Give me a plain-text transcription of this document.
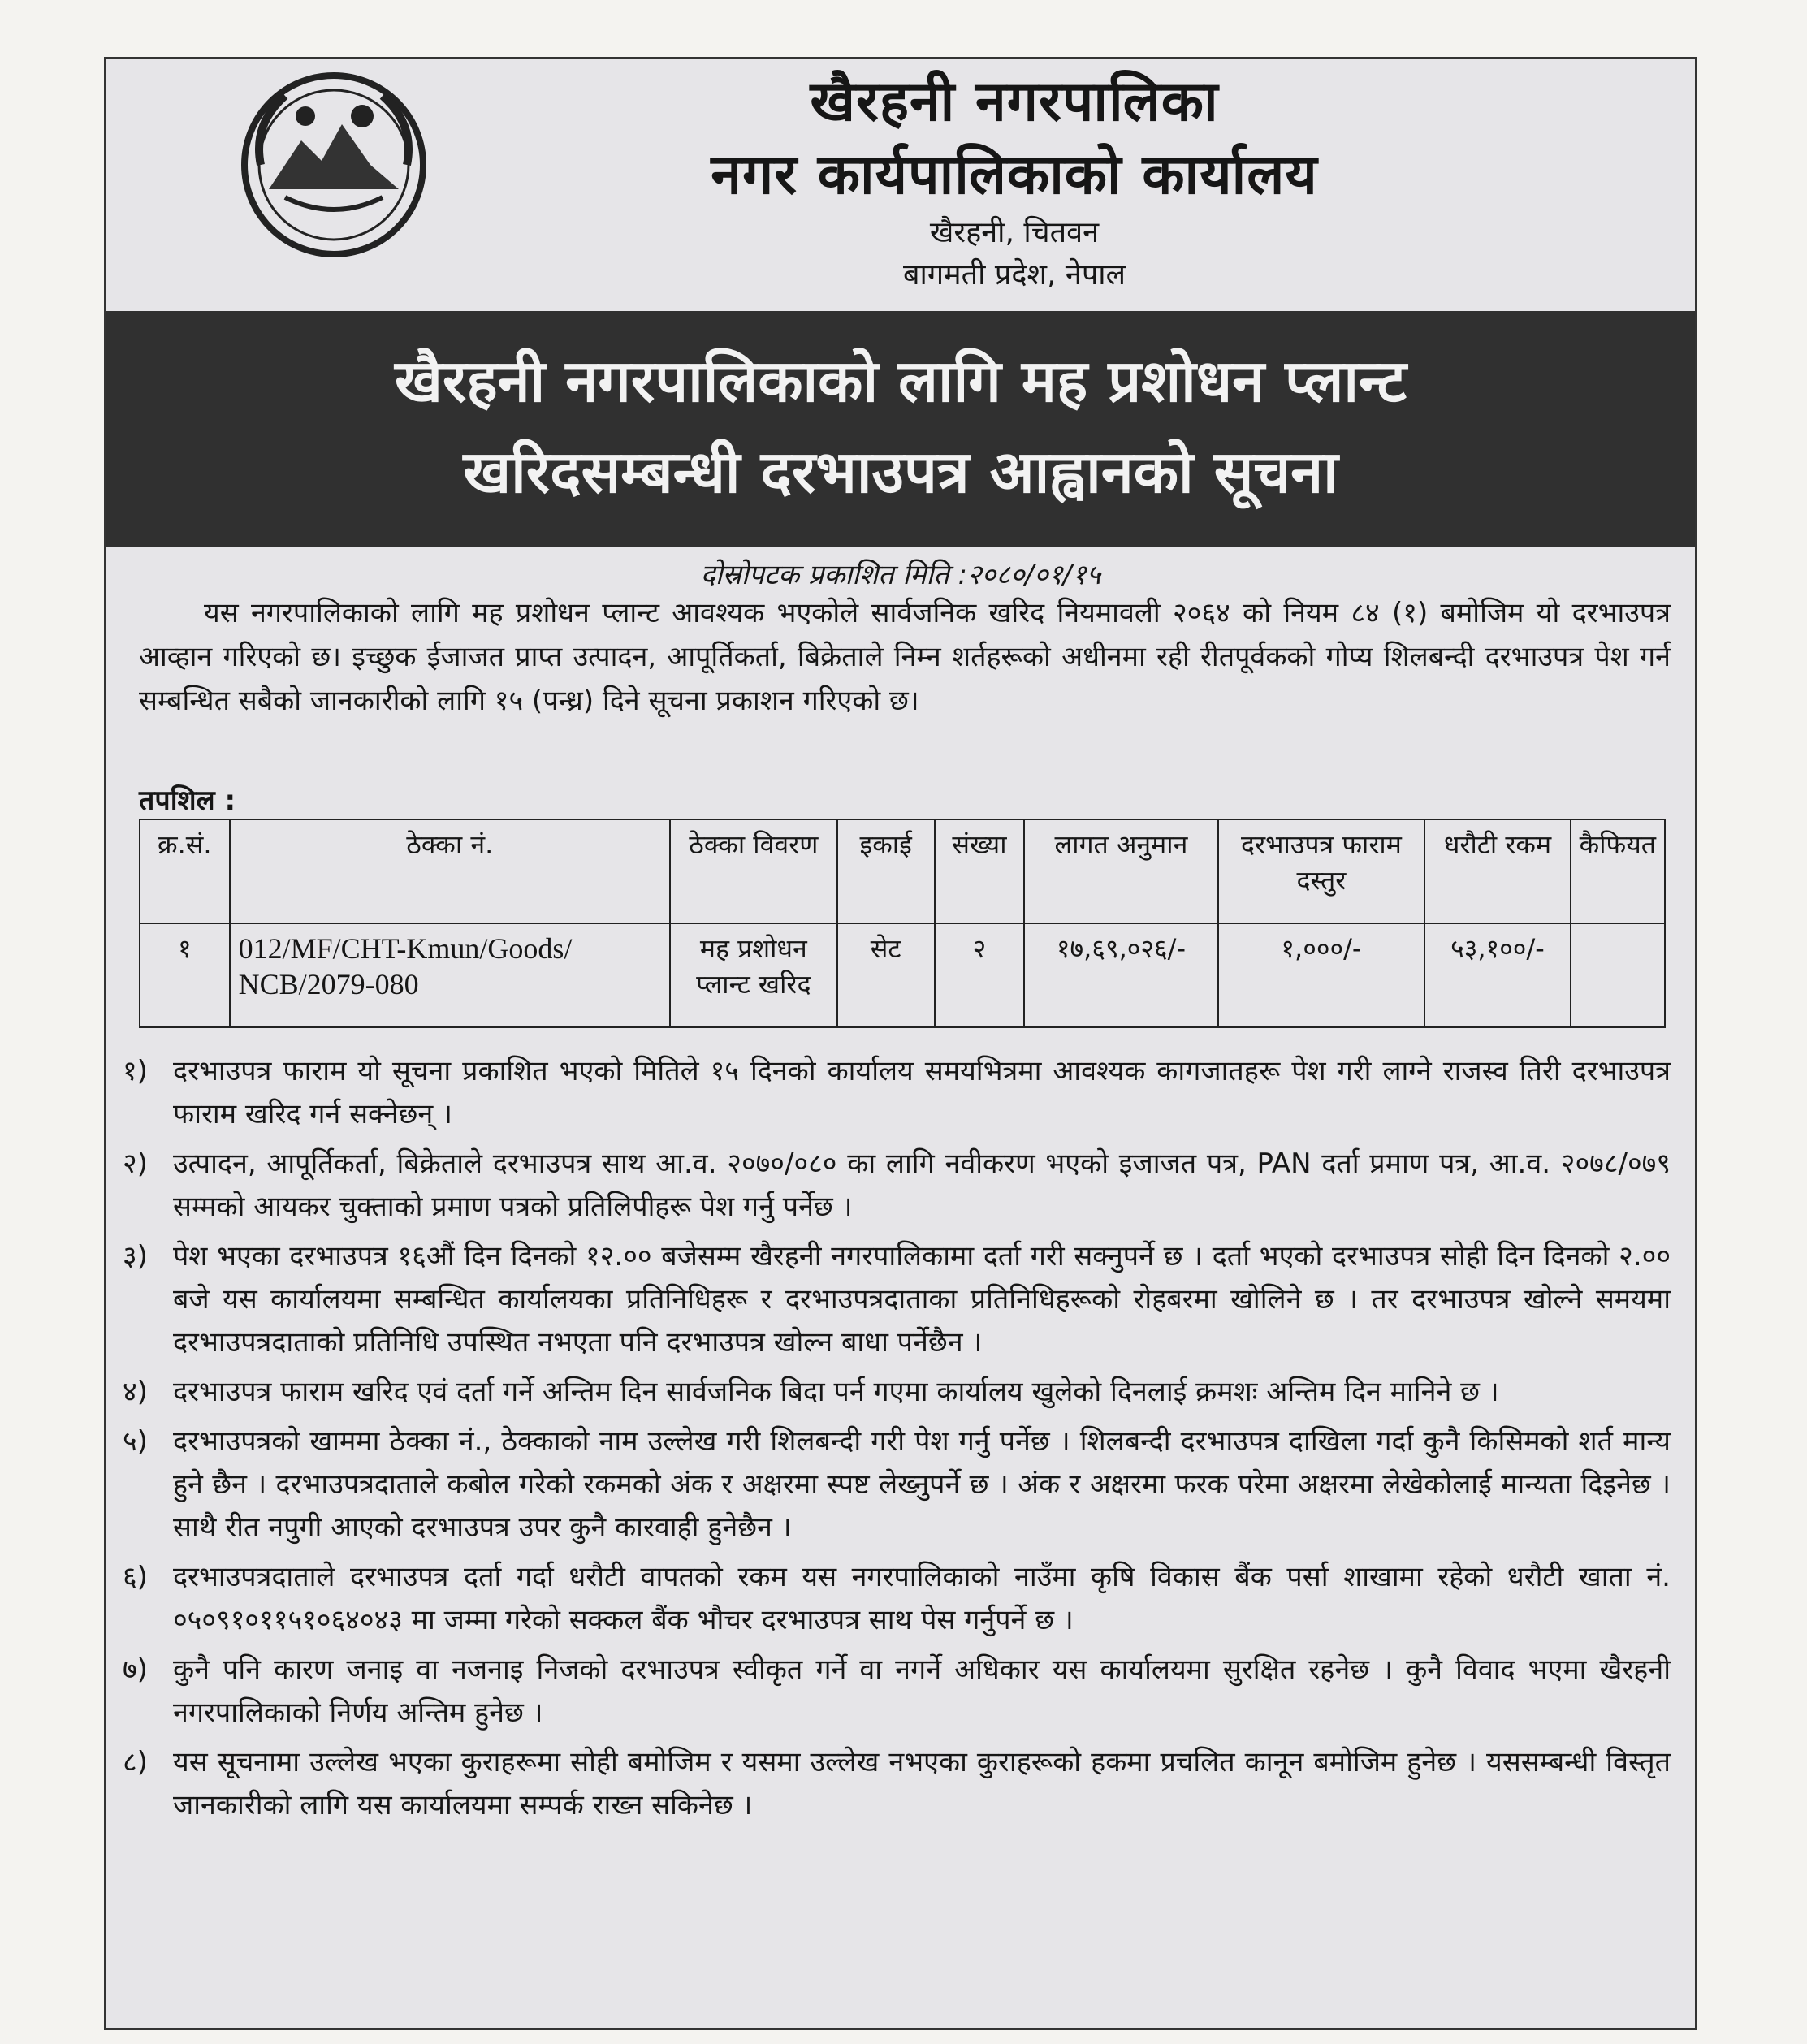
खैरहनी नगरपालिका
नगर कार्यपालिकाको कार्यालय
खैरहनी, चितवन
बागमती प्रदेश, नेपाल
खैरहनी नगरपालिकाको लागि मह प्रशोधन प्लान्ट
खरिदसम्बन्धी दरभाउपत्र आह्वानको सूचना
दोस्रोपटक प्रकाशित मिति :२०८०/०१/१५
यस नगरपालिकाको लागि मह प्रशोधन प्लान्ट आवश्यक भएकोले सार्वजनिक खरिद नियमावली २०६४ को नियम ८४ (१) बमोजिम यो दरभाउपत्र आव्हान गरिएको छ। इच्छुक ईजाजत प्राप्त उत्पादन, आपूर्तिकर्ता, बिक्रेताले निम्न शर्तहरूको अधीनमा रही रीतपूर्वकको गोप्य शिलबन्दी दरभाउपत्र पेश गर्न सम्बन्धित सबैको जानकारीको लागि १५ (पन्ध्र) दिने सूचना प्रकाशन गरिएको छ।
तपशिल :
क्र.सं.	ठेक्का नं.	ठेक्का विवरण	इकाई	संख्या	लागत अनुमान	दरभाउपत्र फाराम दस्तुर	धरौटी रकम	कैफियत
१	012/MF/CHT-Kmun/Goods/ NCB/2079-080	मह प्रशोधन प्लान्ट खरिद	सेट	२	१७,६९,०२६/-	१,०००/-	५३,१००/-	
१) दरभाउपत्र फाराम यो सूचना प्रकाशित भएको मितिले १५ दिनको कार्यालय समयभित्रमा आवश्यक कागजातहरू पेश गरी लाग्ने राजस्व तिरी दरभाउपत्र फाराम खरिद गर्न सक्नेछन् ।
२) उत्पादन, आपूर्तिकर्ता, बिक्रेताले दरभाउपत्र साथ आ.व. २०७०/०८० का लागि नवीकरण भएको इजाजत पत्र, PAN दर्ता प्रमाण पत्र, आ.व. २०७८/०७९ सम्मको आयकर चुक्ताको प्रमाण पत्रको प्रतिलिपीहरू पेश गर्नु पर्नेछ ।
३) पेश भएका दरभाउपत्र १६औं दिन दिनको १२.०० बजेसम्म खैरहनी नगरपालिकामा दर्ता गरी सक्नुपर्ने छ । दर्ता भएको दरभाउपत्र सोही दिन दिनको २.०० बजे यस कार्यालयमा सम्बन्धित कार्यालयका प्रतिनिधिहरू र दरभाउपत्रदाताका प्रतिनिधिहरूको रोहबरमा खोलिने छ । तर दरभाउपत्र खोल्ने समयमा दरभाउपत्रदाताको प्रतिनिधि उपस्थित नभएता पनि दरभाउपत्र खोल्न बाधा पर्नेछैन ।
४) दरभाउपत्र फाराम खरिद एवं दर्ता गर्ने अन्तिम दिन सार्वजनिक बिदा पर्न गएमा कार्यालय खुलेको दिनलाई क्रमशः अन्तिम दिन मानिने छ ।
५) दरभाउपत्रको खाममा ठेक्का नं., ठेक्काको नाम उल्लेख गरी शिलबन्दी गरी पेश गर्नु पर्नेछ । शिलबन्दी दरभाउपत्र दाखिला गर्दा कुनै किसिमको शर्त मान्य हुने छैन । दरभाउपत्रदाताले कबोल गरेको रकमको अंक र अक्षरमा स्पष्ट लेख्नुपर्ने छ । अंक र अक्षरमा फरक परेमा अक्षरमा लेखेकोलाई मान्यता दिइनेछ । साथै रीत नपुगी आएको दरभाउपत्र उपर कुनै कारवाही हुनेछैन ।
६) दरभाउपत्रदाताले दरभाउपत्र दर्ता गर्दा धरौटी वापतको रकम यस नगरपालिकाको नाउँमा कृषि विकास बैंक पर्सा शाखामा रहेको धरौटी खाता नं. ०५०९१०११५१०६४०४३ मा जम्मा गरेको सक्कल बैंक भौचर दरभाउपत्र साथ पेस गर्नुपर्ने छ ।
७) कुनै पनि कारण जनाइ वा नजनाइ निजको दरभाउपत्र स्वीकृत गर्ने वा नगर्ने अधिकार यस कार्यालयमा सुरक्षित रहनेछ । कुनै विवाद भएमा खैरहनी नगरपालिकाको निर्णय अन्तिम हुनेछ ।
८) यस सूचनामा उल्लेख भएका कुराहरूमा सोही बमोजिम र यसमा उल्लेख नभएका कुराहरूको हकमा प्रचलित कानून बमोजिम हुनेछ । यससम्बन्धी विस्तृत जानकारीको लागि यस कार्यालयमा सम्पर्क राख्न सकिनेछ ।
